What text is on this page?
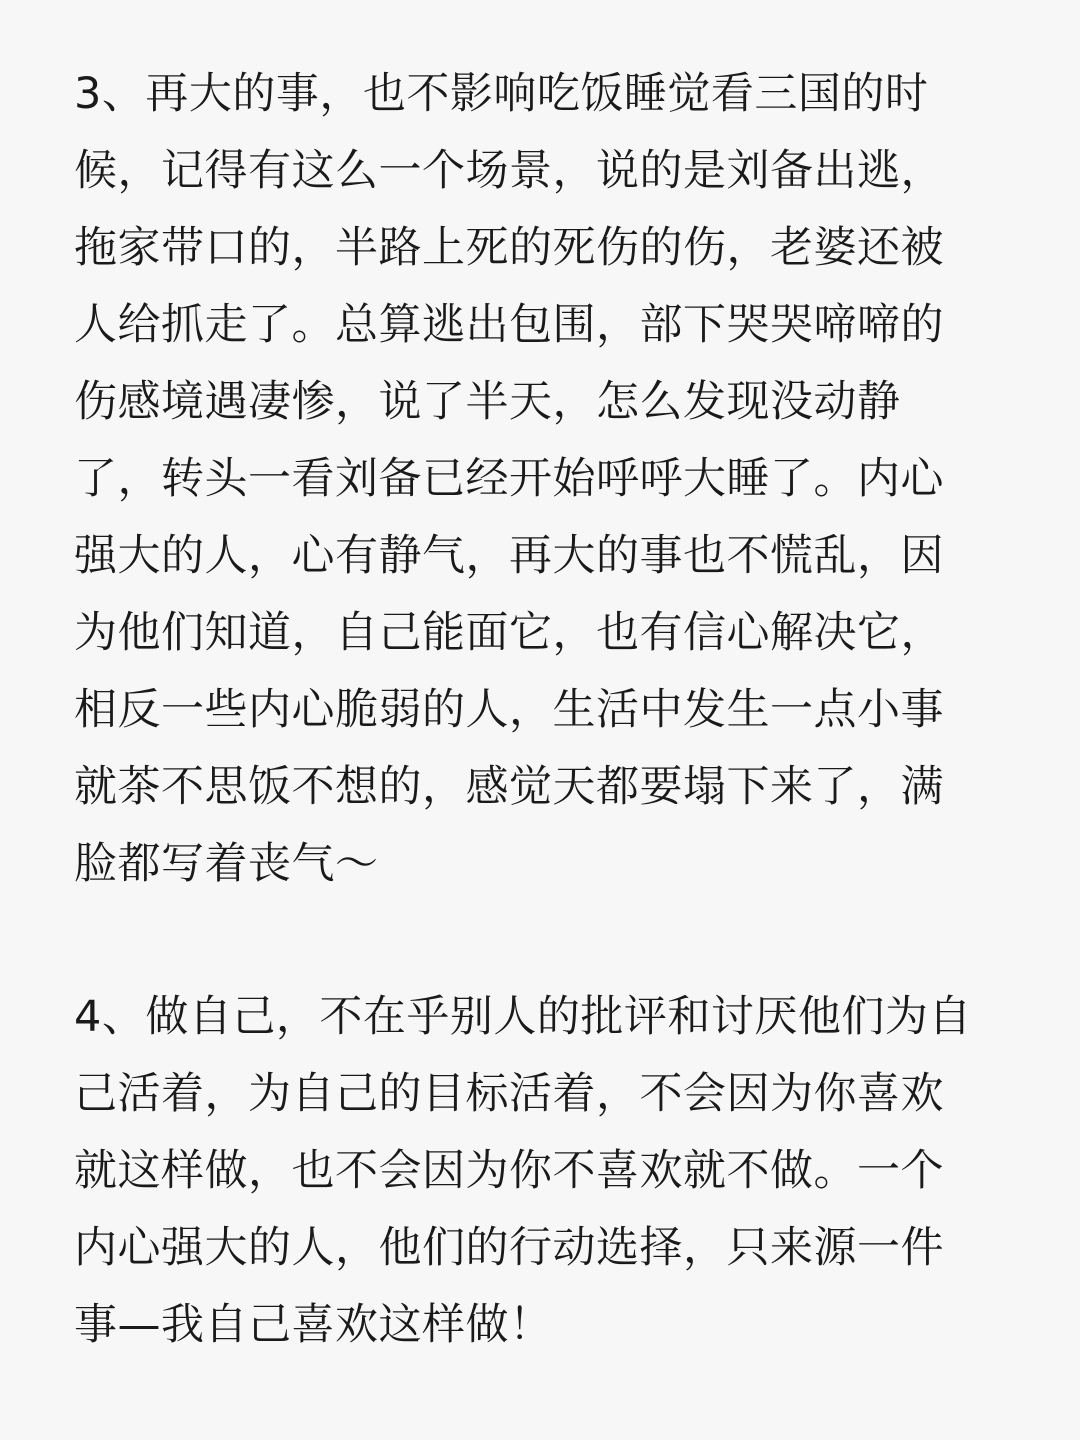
3、再大的事，也不影响吃饭睡觉看三国的时
候，记得有这么一个场景，说的是刘备出逃，
拖家带口的，半路上死的死伤的伤，老婆还被
人给抓走了。总算逃出包围，部下哭哭啼啼的
伤感境遇凄惨，说了半天，怎么发现没动静
了，转头一看刘备已经开始呼呼大睡了。内心
强大的人，心有静气，再大的事也不慌乱，因
为他们知道，自己能面它，也有信心解决它，
相反一些内心脆弱的人，生活中发生一点小事
就茶不思饭不想的，感觉天都要塌下来了，满
脸都写着丧气～
4、做自己，不在乎别人的批评和讨厌他们为自
己活着，为自己的目标活着，不会因为你喜欢
就这样做，也不会因为你不喜欢就不做。一个
内心强大的人，他们的行动选择，只来源一件
事—我自己喜欢这样做！
